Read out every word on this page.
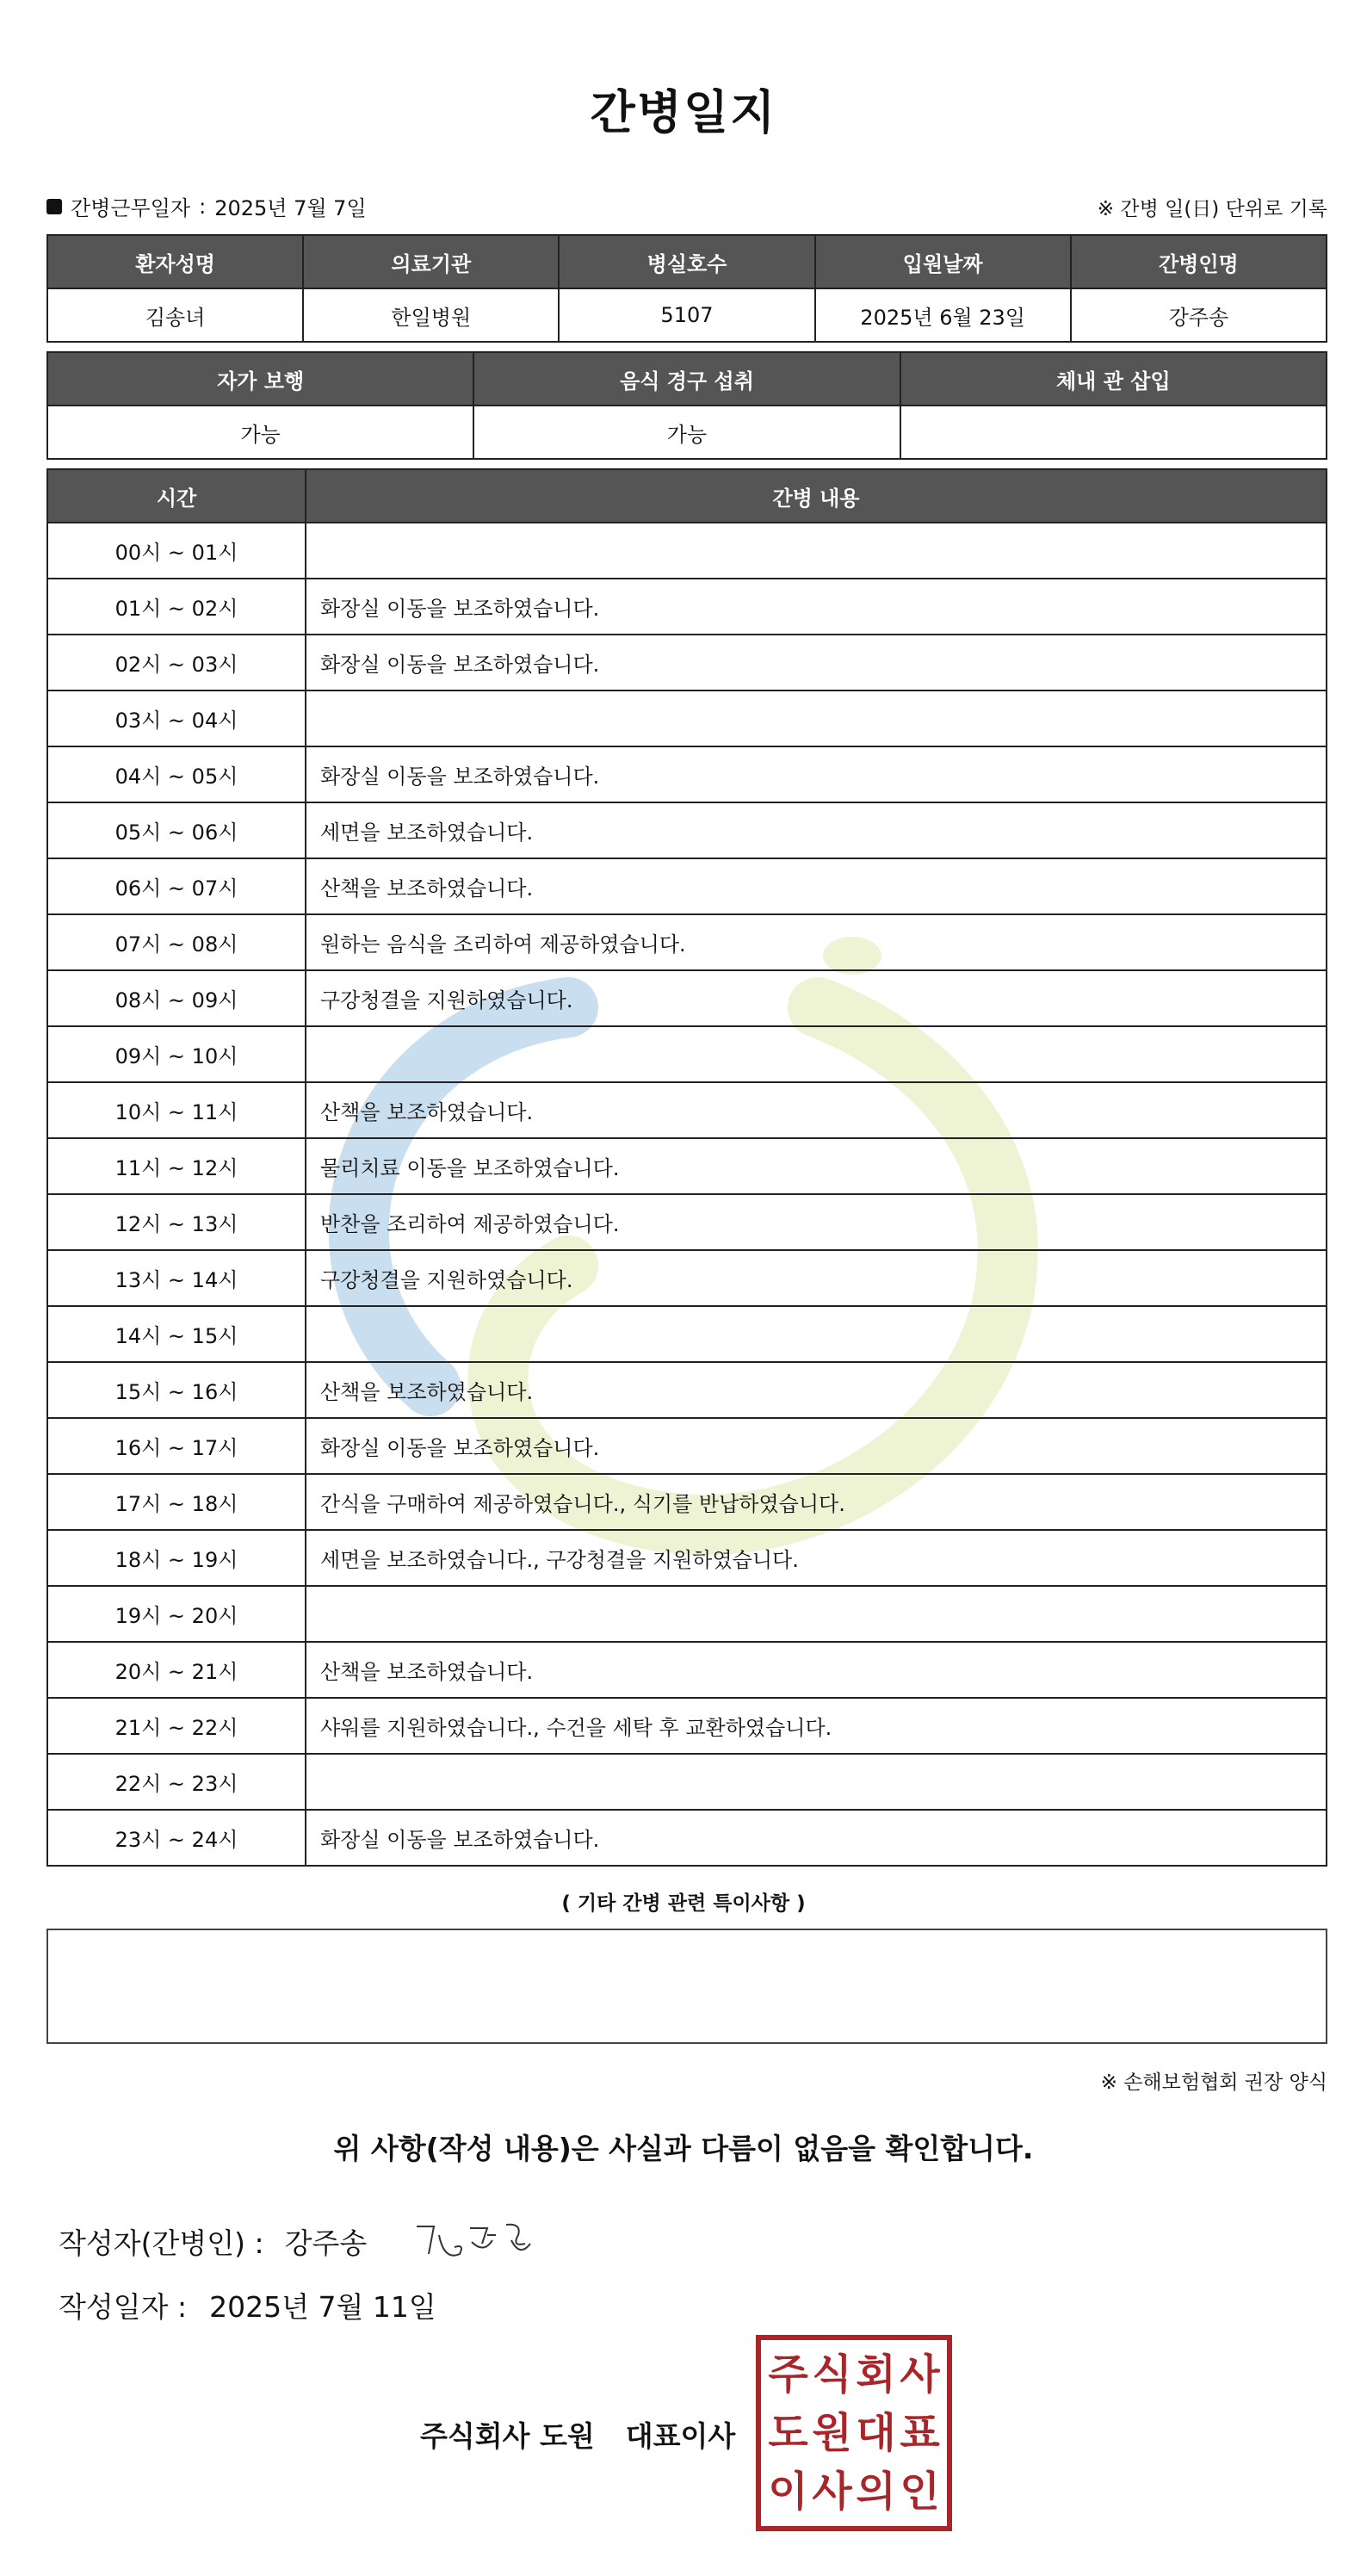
간병일지
간병근무일자 : 2025년 7월 7일	※ 간병 일(日) 단위로 기록
환자성명	의료기관	병실호수	입원날짜	간병인명
김송녀	한일병원	5107	2025년 6월 23일	강주송
자가 보행	음식 경구 섭취	체내 관 삽입
가능	가능	
시간	간병 내용
00시 ~ 01시	
01시 ~ 02시	화장실 이동을 보조하였습니다.
02시 ~ 03시	화장실 이동을 보조하였습니다.
03시 ~ 04시	
04시 ~ 05시	화장실 이동을 보조하였습니다.
05시 ~ 06시	세면을 보조하였습니다.
06시 ~ 07시	산책을 보조하였습니다.
07시 ~ 08시	원하는 음식을 조리하여 제공하였습니다.
08시 ~ 09시	구강청결을 지원하였습니다.
09시 ~ 10시	
10시 ~ 11시	산책을 보조하였습니다.
11시 ~ 12시	물리치료 이동을 보조하였습니다.
12시 ~ 13시	반찬을 조리하여 제공하였습니다.
13시 ~ 14시	구강청결을 지원하였습니다.
14시 ~ 15시	
15시 ~ 16시	산책을 보조하였습니다.
16시 ~ 17시	화장실 이동을 보조하였습니다.
17시 ~ 18시	간식을 구매하여 제공하였습니다., 식기를 반납하였습니다.
18시 ~ 19시	세면을 보조하였습니다., 구강청결을 지원하였습니다.
19시 ~ 20시	
20시 ~ 21시	산책을 보조하였습니다.
21시 ~ 22시	샤워를 지원하였습니다., 수건을 세탁 후 교환하였습니다.
22시 ~ 23시	
23시 ~ 24시	화장실 이동을 보조하였습니다.
( 기타 간병 관련 특이사항 )
※ 손해보험협회 권장 양식
위 사항(작성 내용)은 사실과 다름이 없음을 확인합니다.
작성자(간병인) : 강주송
작성일자 : 2025년 7월 11일
주식회사 도원 대표이사
주 식 회 사
도 원 대 표
이 사 의 인
